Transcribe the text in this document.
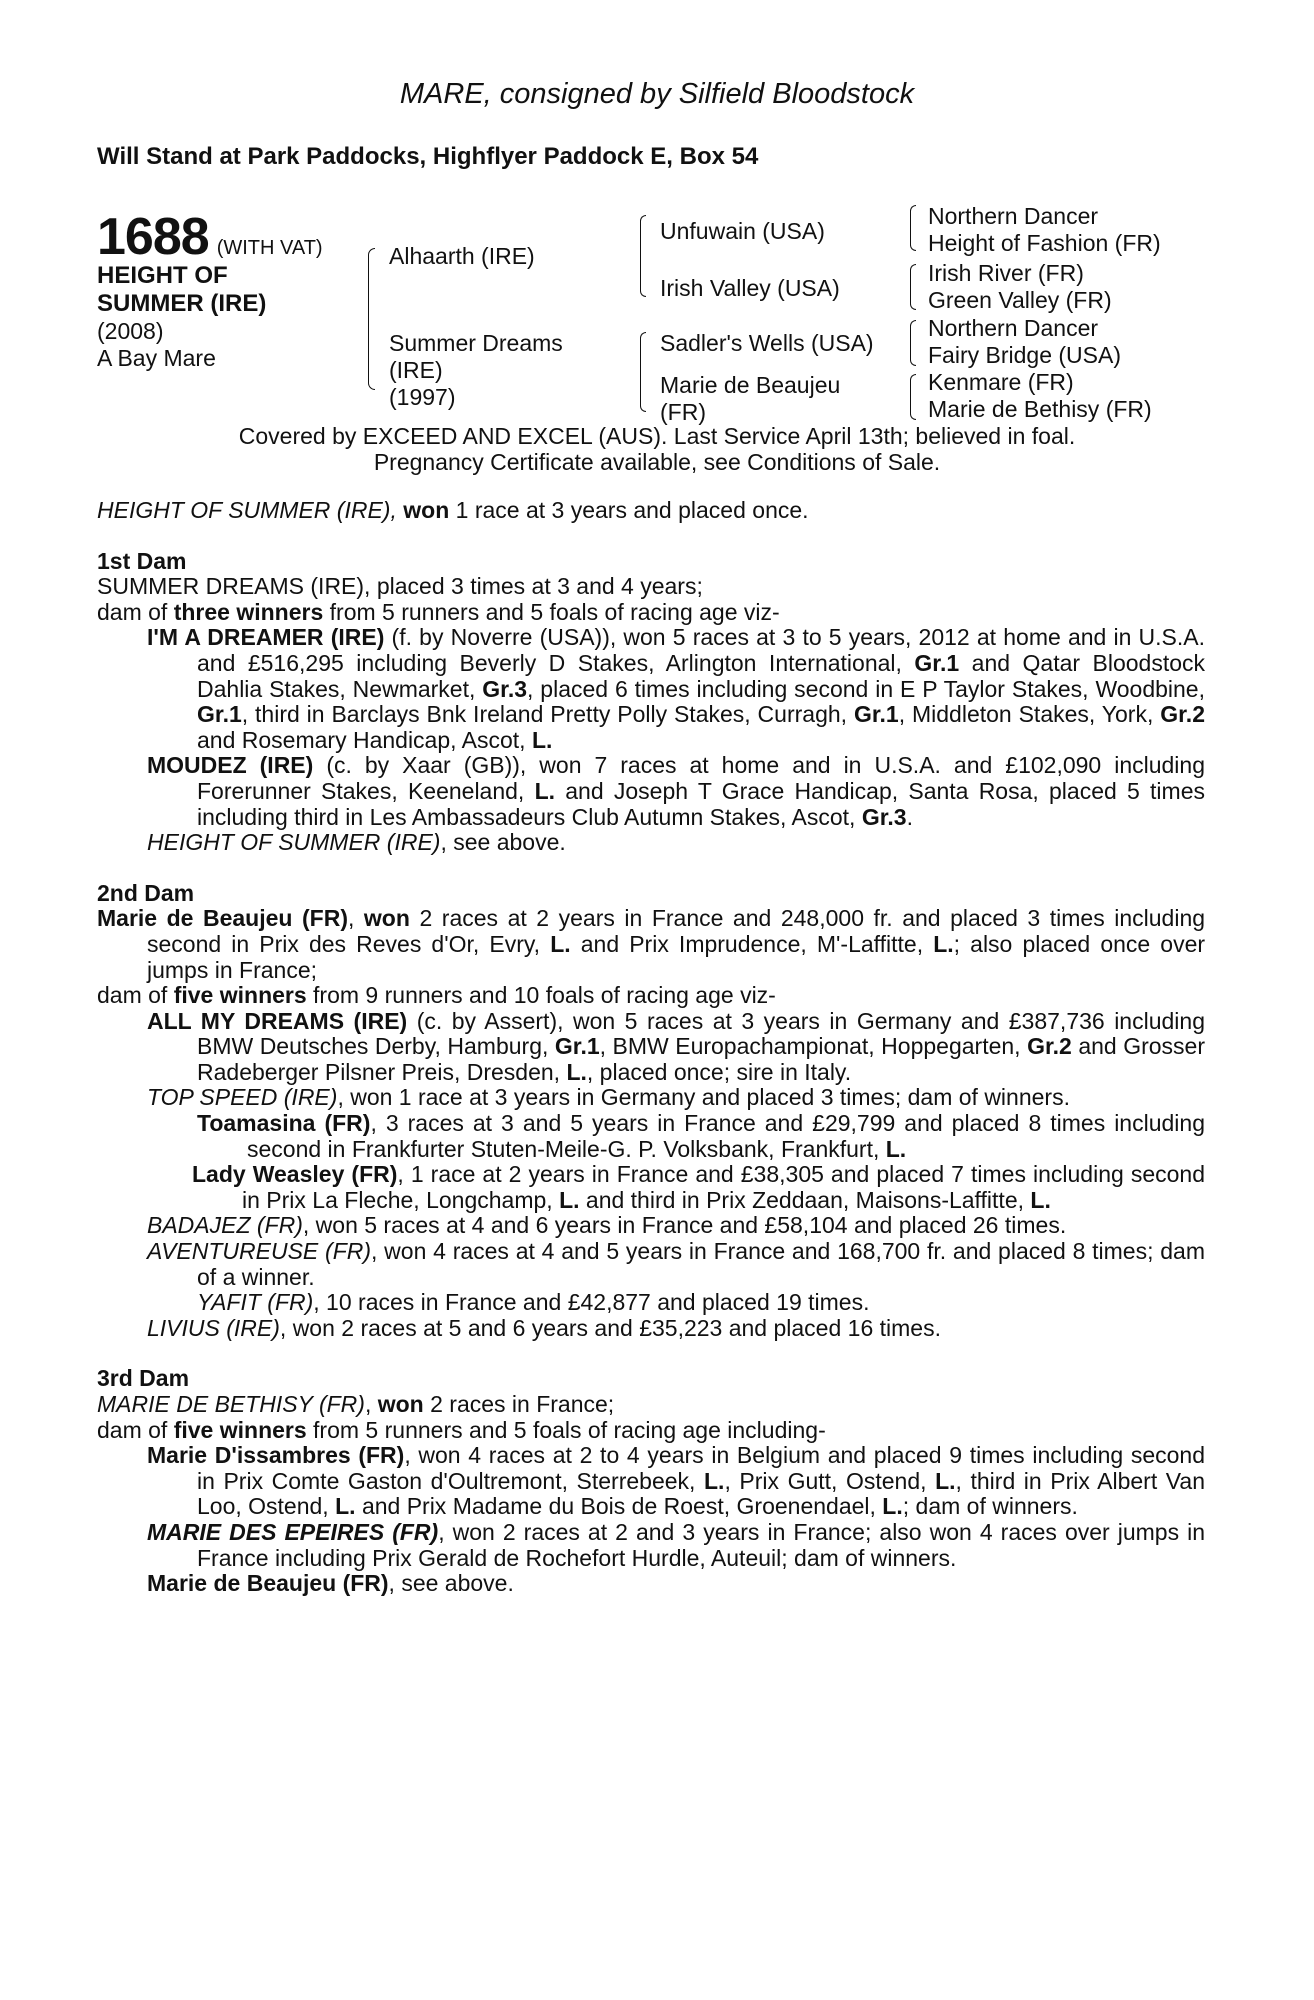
MARE, consigned by Silfield Bloodstock
Will Stand at Park Paddocks, Highflyer Paddock E, Box 54
1688 (WITH VAT)
HEIGHT OF SUMMER (IRE)
(2008)
A Bay Mare
Alhaarth (IRE)
Summer Dreams
(IRE)
(1997)
Unfuwain (USA)
Irish Valley (USA)
Sadler's Wells (USA)
Marie de Beaujeu
(FR)
Northern Dancer
Height of Fashion (FR)
Irish River (FR)
Green Valley (FR)
Northern Dancer
Fairy Bridge (USA)
Kenmare (FR)
Marie de Bethisy (FR)
Covered by EXCEED AND EXCEL (AUS). Last Service April 13th; believed in foal.
Pregnancy Certificate available, see Conditions of Sale.

HEIGHT OF SUMMER (IRE), won 1 race at 3 years and placed once.

1st Dam

SUMMER DREAMS (IRE), placed 3 times at 3 and 4 years;

dam of three winners from 5 runners and 5 foals of racing age viz-

I'M A DREAMER (IRE) (f. by Noverre (USA)), won 5 races at 3 to 5 years, 2012 at home and in U.S.A. and £516,295 including Beverly D Stakes, Arlington International, Gr.1 and Qatar Bloodstock Dahlia Stakes, Newmarket, Gr.3, placed 6 times including second in E P Taylor Stakes, Woodbine, Gr.1, third in Barclays Bnk Ireland Pretty Polly Stakes, Curragh, Gr.1, Middleton Stakes, York, Gr.2 and Rosemary Handicap, Ascot, L.

MOUDEZ (IRE) (c. by Xaar (GB)), won 7 races at home and in U.S.A. and £102,090 including Forerunner Stakes, Keeneland, L. and Joseph T Grace Handicap, Santa Rosa, placed 5 times including third in Les Ambassadeurs Club Autumn Stakes, Ascot, Gr.3.

HEIGHT OF SUMMER (IRE), see above.

2nd Dam

Marie de Beaujeu (FR), won 2 races at 2 years in France and 248,000 fr. and placed 3 times including second in Prix des Reves d'Or, Evry, L. and Prix Imprudence, M'-Laffitte, L.; also placed once over jumps in France;

dam of five winners from 9 runners and 10 foals of racing age viz-

ALL MY DREAMS (IRE) (c. by Assert), won 5 races at 3 years in Germany and £387,736 including BMW Deutsches Derby, Hamburg, Gr.1, BMW Europachampionat, Hoppegarten, Gr.2 and Grosser Radeberger Pilsner Preis, Dresden, L., placed once; sire in Italy.

TOP SPEED (IRE), won 1 race at 3 years in Germany and placed 3 times; dam of winners.

Toamasina (FR), 3 races at 3 and 5 years in France and £29,799 and placed 8 times including second in Frankfurter Stuten-Meile-G. P. Volksbank, Frankfurt, L.

Lady Weasley (FR), 1 race at 2 years in France and £38,305 and placed 7 times including second in Prix La Fleche, Longchamp, L. and third in Prix Zeddaan, Maisons-Laffitte, L.

BADAJEZ (FR), won 5 races at 4 and 6 years in France and £58,104 and placed 26 times.

AVENTUREUSE (FR), won 4 races at 4 and 5 years in France and 168,700 fr. and placed 8 times; dam of a winner.

YAFIT (FR), 10 races in France and £42,877 and placed 19 times.

LIVIUS (IRE), won 2 races at 5 and 6 years and £35,223 and placed 16 times.

3rd Dam

MARIE DE BETHISY (FR), won 2 races in France;

dam of five winners from 5 runners and 5 foals of racing age including-

Marie D'issambres (FR), won 4 races at 2 to 4 years in Belgium and placed 9 times including second in Prix Comte Gaston d'Oultremont, Sterrebeek, L., Prix Gutt, Ostend, L., third in Prix Albert Van Loo, Ostend, L. and Prix Madame du Bois de Roest, Groenendael, L.; dam of winners.

MARIE DES EPEIRES (FR), won 2 races at 2 and 3 years in France; also won 4 races over jumps in France including Prix Gerald de Rochefort Hurdle, Auteuil; dam of winners.

Marie de Beaujeu (FR), see above.
